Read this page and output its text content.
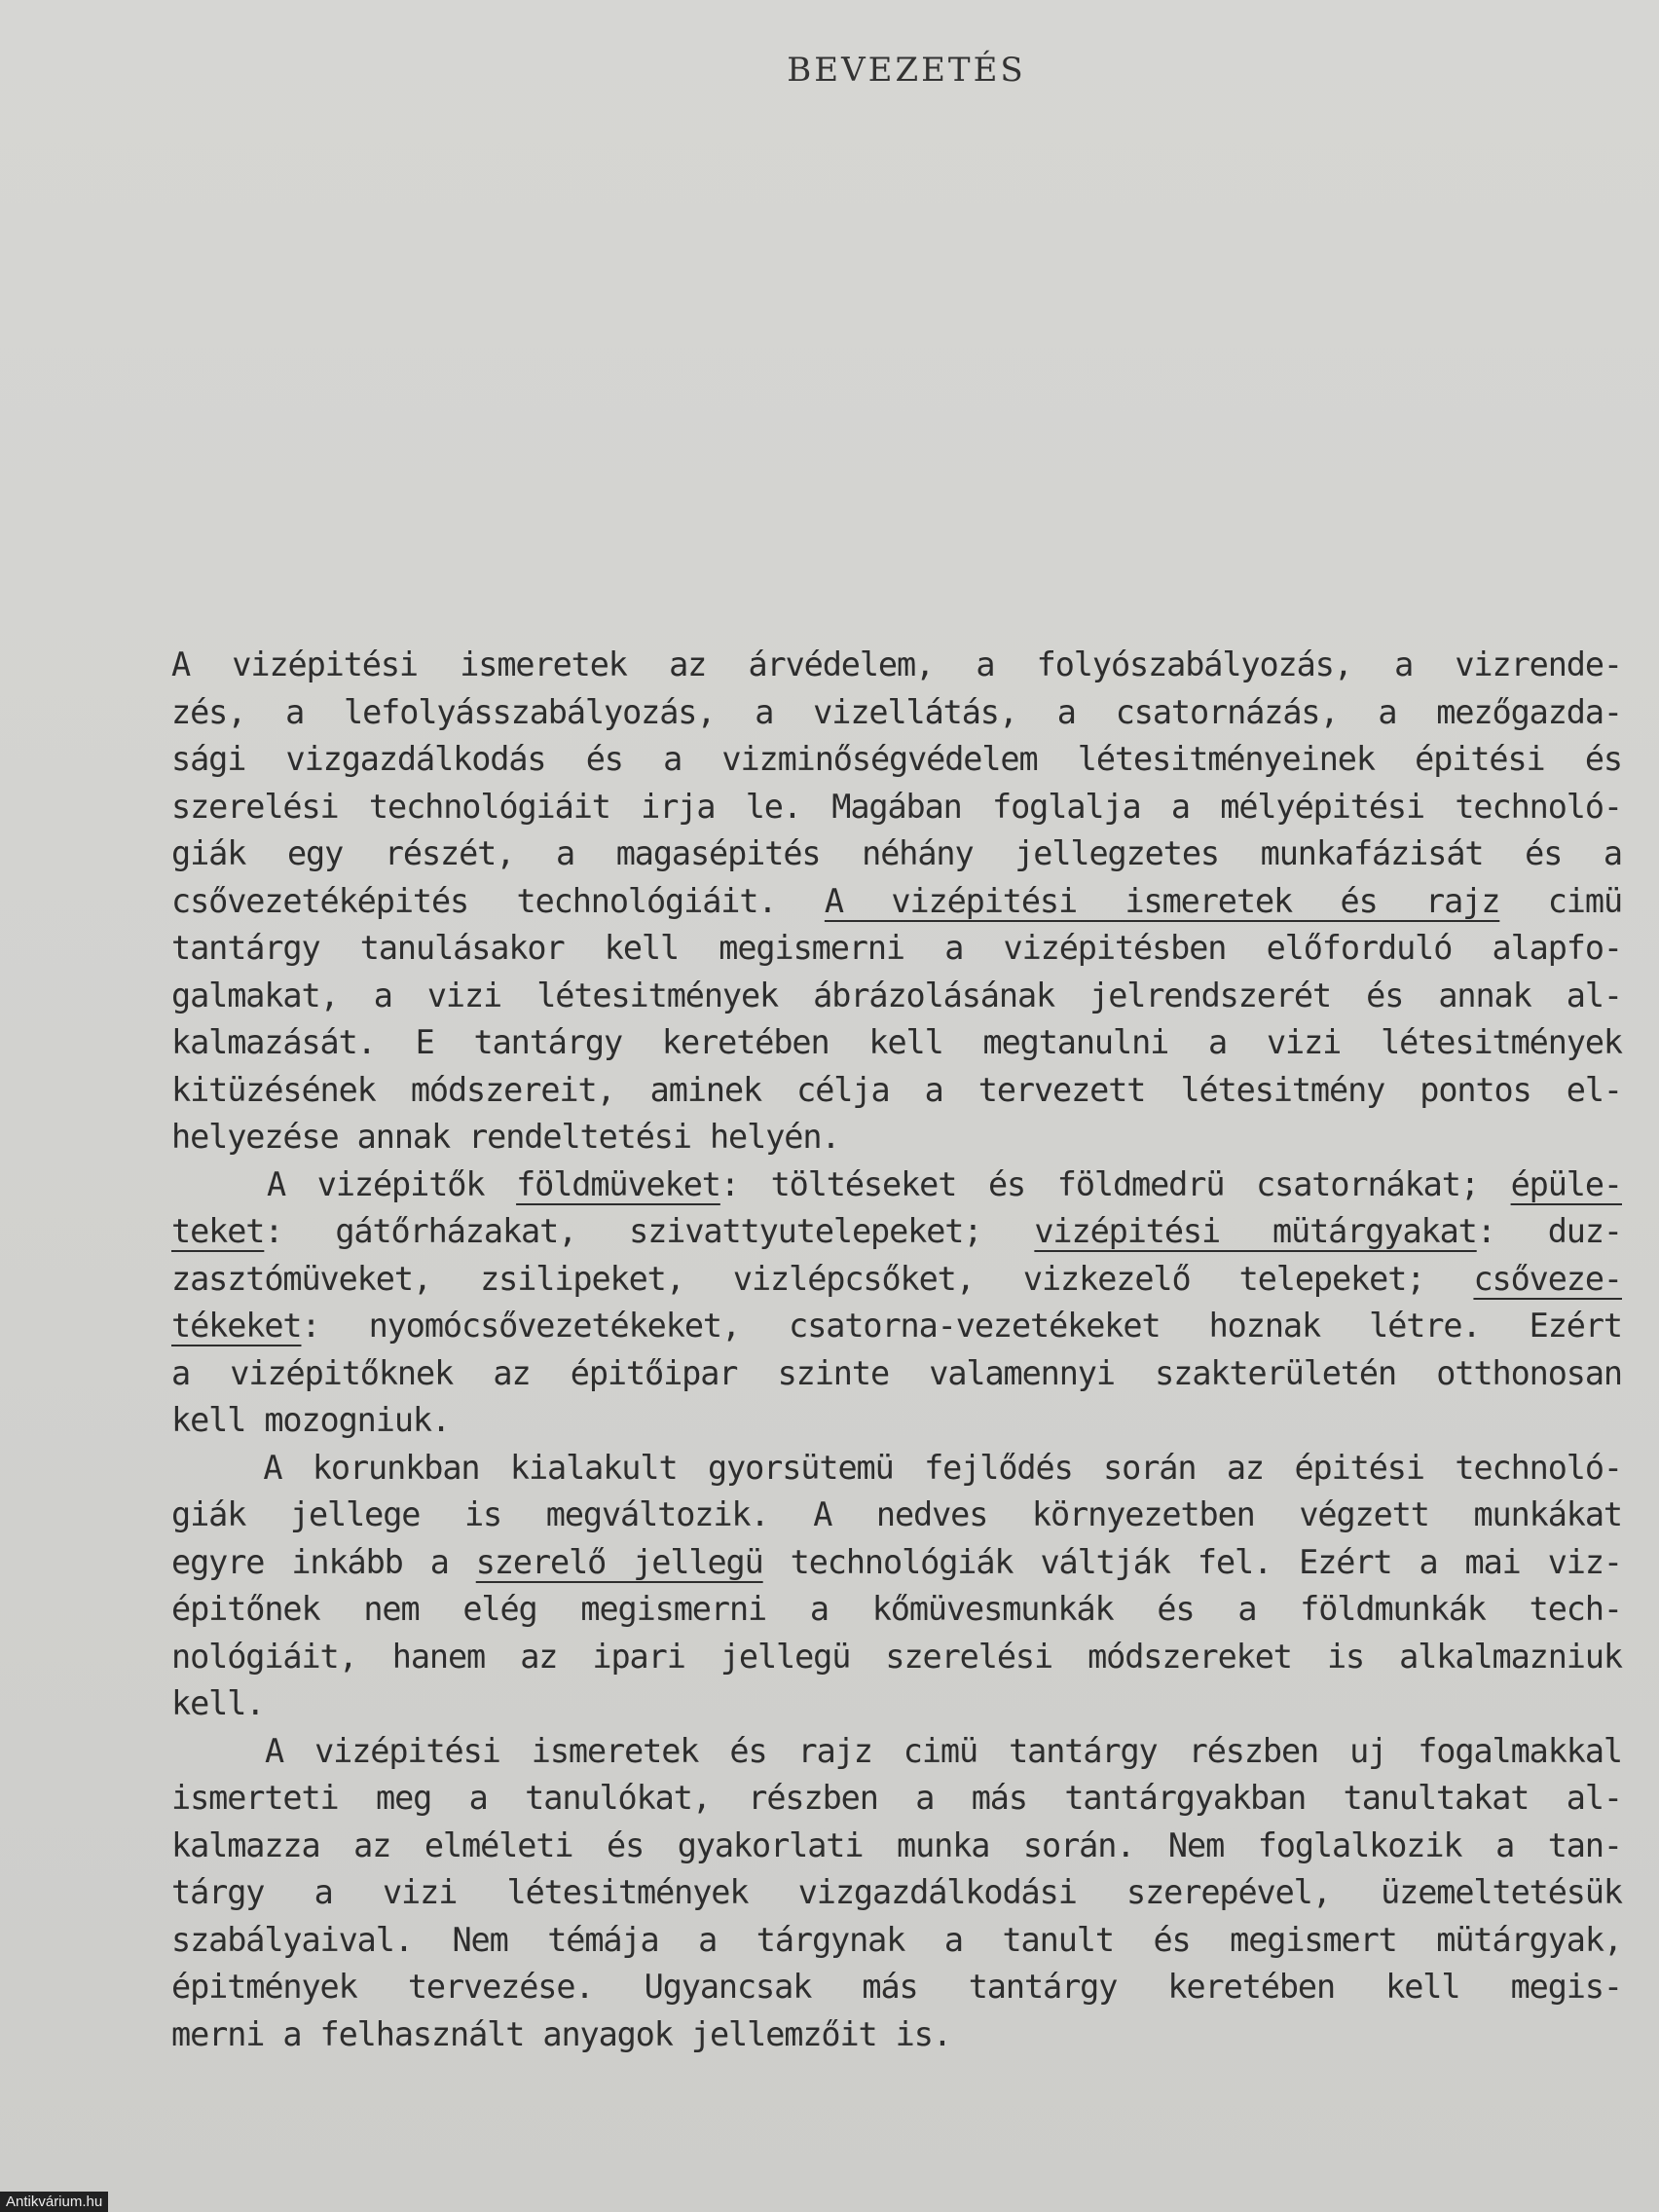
BEVEZETÉS
A vizépitési ismeretek az árvédelem, a folyószabályozás, a vizrende-
zés, a lefolyásszabályozás, a vizellátás, a csatornázás, a mezőgazda-
sági vizgazdálkodás és a vizminőségvédelem létesitményeinek épitési és
szerelési technológiáit irja le. Magában foglalja a mélyépitési technoló-
giák egy részét, a magasépités néhány jellegzetes munkafázisát és a
csővezetéképités technológiáit. A vizépitési ismeretek és rajz cimü
tantárgy tanulásakor kell megismerni a vizépitésben előforduló alapfo-
galmakat, a vizi létesitmények ábrázolásának jelrendszerét és annak al-
kalmazását. E tantárgy keretében kell megtanulni a vizi létesitmények
kitüzésének módszereit, aminek célja a tervezett létesitmény pontos el-
helyezése annak rendeltetési helyén.
A vizépitők földmüveket: töltéseket és földmedrü csatornákat; épüle-
teket: gátőrházakat, szivattyutelepeket; vizépitési mütárgyakat: duz-
zasztómüveket, zsilipeket, vizlépcsőket, vizkezelő telepeket; csőveze-
tékeket: nyomócsővezetékeket, csatorna-vezetékeket hoznak létre. Ezért
a vizépitőknek az épitőipar szinte valamennyi szakterületén otthonosan
kell mozogniuk.
A korunkban kialakult gyorsütemü fejlődés során az épitési technoló-
giák jellege is megváltozik. A nedves környezetben végzett munkákat
egyre inkább a szerelő jellegü technológiák váltják fel. Ezért a mai viz-
épitőnek nem elég megismerni a kőmüvesmunkák és a földmunkák tech-
nológiáit, hanem az ipari jellegü szerelési módszereket is alkalmazniuk
kell.
A vizépitési ismeretek és rajz cimü tantárgy részben uj fogalmakkal
ismerteti meg a tanulókat, részben a más tantárgyakban tanultakat al-
kalmazza az elméleti és gyakorlati munka során. Nem foglalkozik a tan-
tárgy a vizi létesitmények vizgazdálkodási szerepével, üzemeltetésük
szabályaival. Nem témája a tárgynak a tanult és megismert mütárgyak,
épitmények tervezése. Ugyancsak más tantárgy keretében kell megis-
merni a felhasznált anyagok jellemzőit is.
Antikvárium.hu
